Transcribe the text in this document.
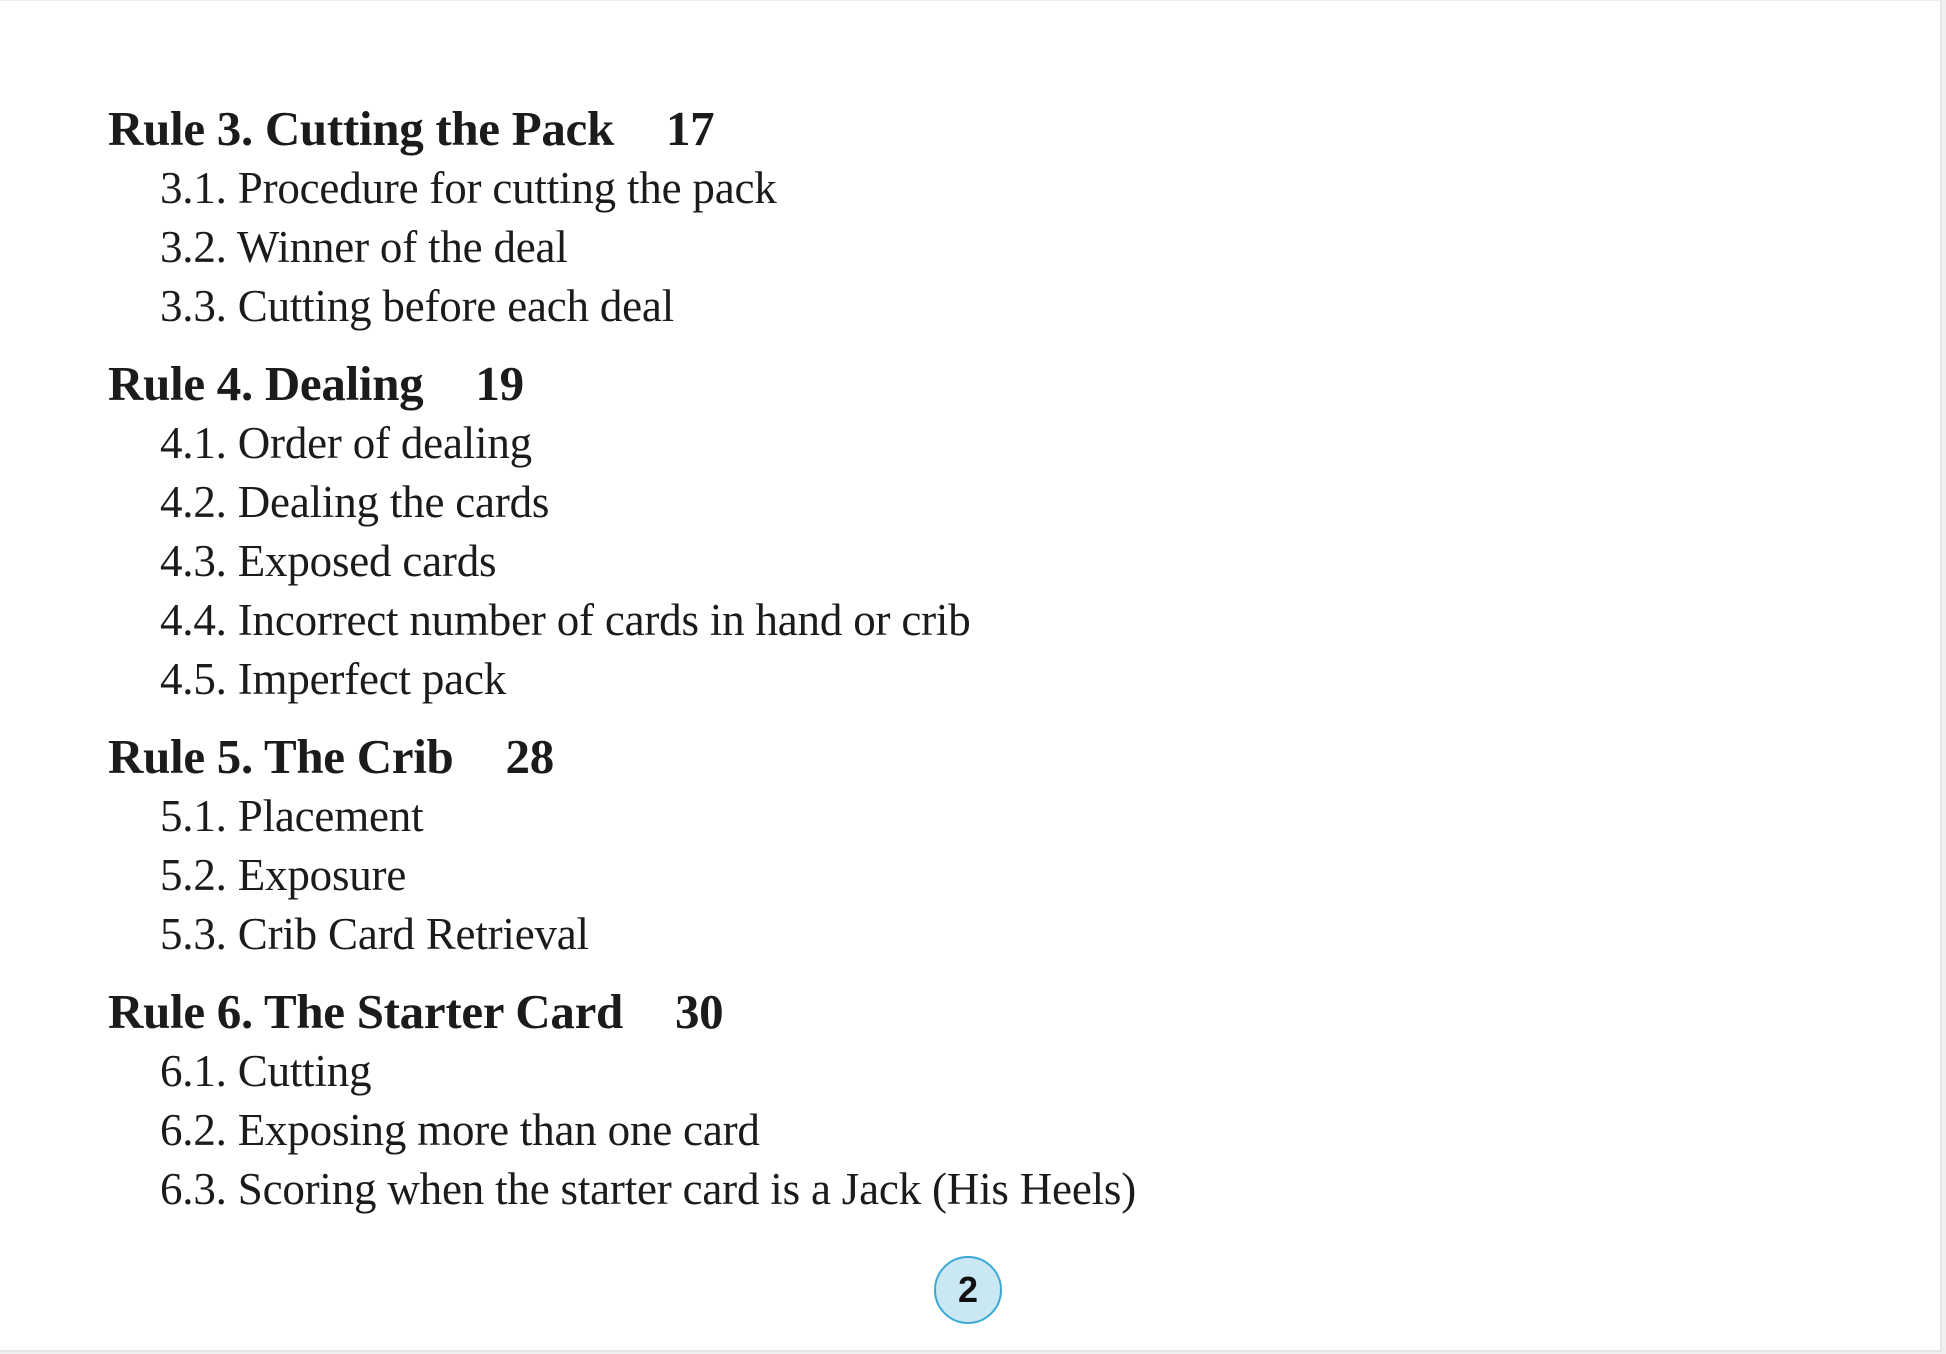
Rule 3. Cutting the Pack 17
3.1. Procedure for cutting the pack
3.2. Winner of the deal
3.3. Cutting before each deal
Rule 4. Dealing 19
4.1. Order of dealing
4.2. Dealing the cards
4.3. Exposed cards
4.4. Incorrect number of cards in hand or crib
4.5. Imperfect pack
Rule 5. The Crib 28
5.1. Placement
5.2. Exposure
5.3. Crib Card Retrieval
Rule 6. The Starter Card 30
6.1. Cutting
6.2. Exposing more than one card
6.3. Scoring when the starter card is a Jack (His Heels)
2
